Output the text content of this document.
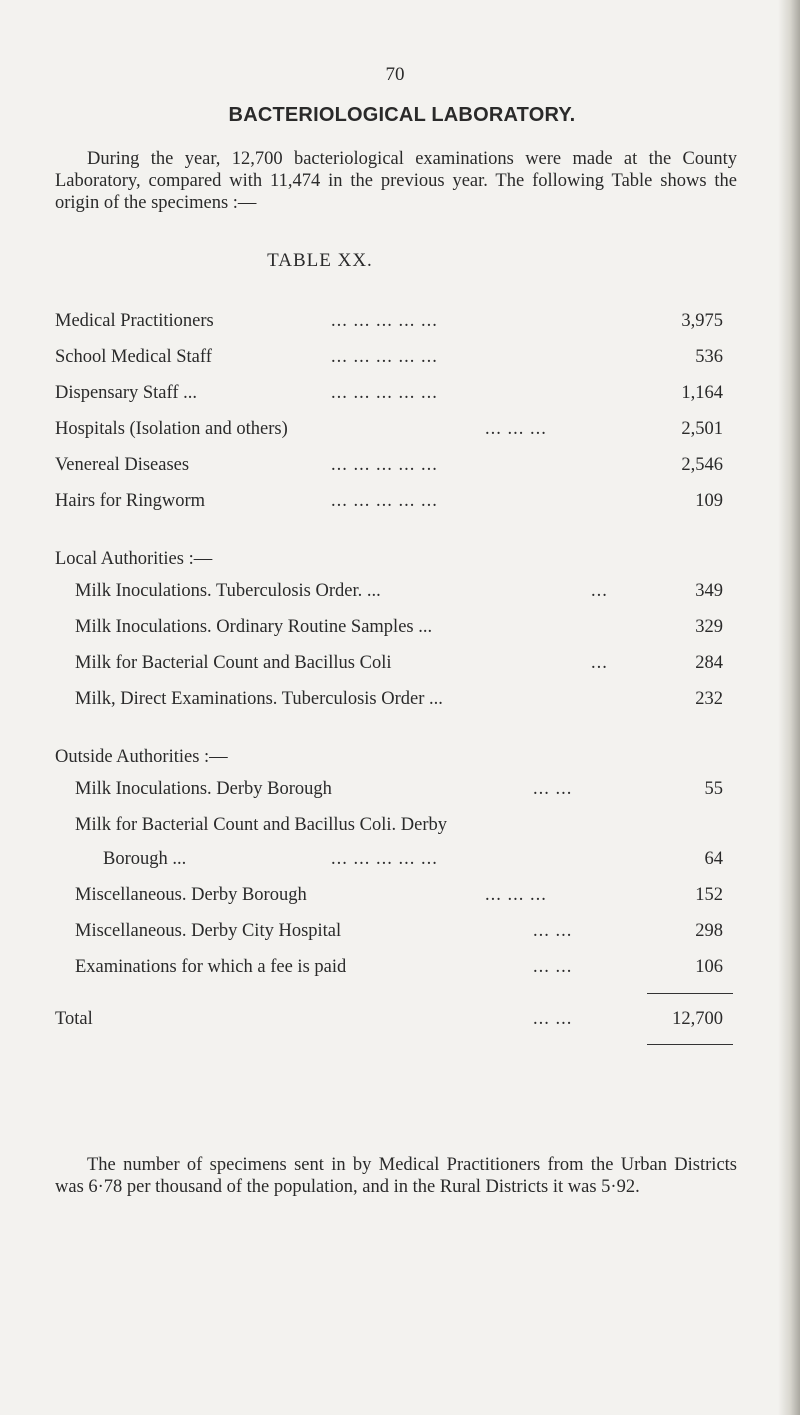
70
BACTERIOLOGICAL LABORATORY.

During the year, 12,700 bacteriological examinations were made at the County Laboratory, compared with 11,474 in the previous year. The following Table shows the origin of the specimens :—

TABLE XX.
Medical Practitioners	... ... ... ... ...	3,975
School Medical Staff	... ... ... ... ...	536
Dispensary Staff ...	... ... ... ... ...	1,164
Hospitals (Isolation and others)	... ... ...	2,501
Venereal Diseases	... ... ... ... ...	2,546
Hairs for Ringworm	... ... ... ... ...	109
Local Authorities :—
Milk Inoculations. Tuberculosis Order. ...	...	349
Milk Inoculations. Ordinary Routine Samples ...	329
Milk for Bacterial Count and Bacillus Coli	...	284
Milk, Direct Examinations. Tuberculosis Order ...	232
Outside Authorities :—
Milk Inoculations. Derby Borough	... ...	55
Milk for Bacterial Count and Bacillus Coli. Derby
Borough ...	... ... ... ... ...	64
Miscellaneous. Derby Borough	... ... ...	152
Miscellaneous. Derby City Hospital	... ...	298
Examinations for which a fee is paid	... ...	106
Total	... ...	12,700

The number of specimens sent in by Medical Practitioners from the Urban Districts was 6·78 per thousand of the population, and in the Rural Districts it was 5·92.
